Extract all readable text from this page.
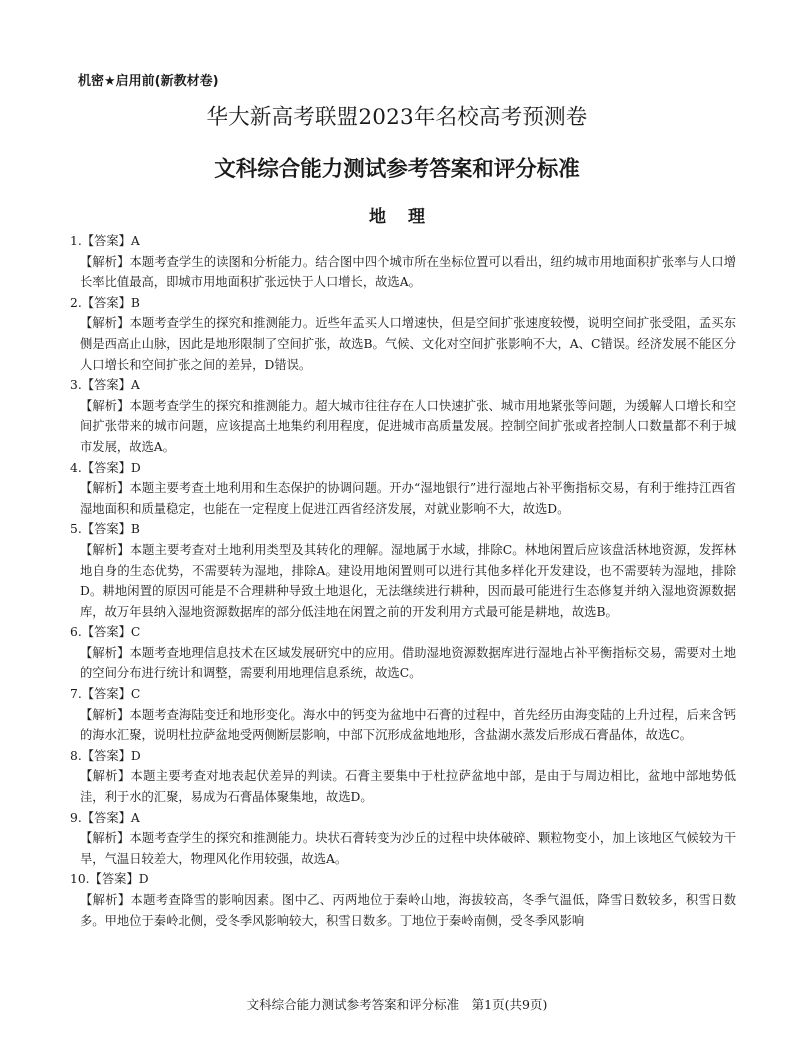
机密★启用前(新教材卷)
华大新高考联盟2023年名校高考预测卷
文科综合能力测试参考答案和评分标准
地理
1.【答案】A
【解析】本题考查学生的读图和分析能力。结合图中四个城市所在坐标位置可以看出，纽约城市用地面积扩张率与人口增长率比值最高，即城市用地面积扩张远快于人口增长，故选A。
2.【答案】B
【解析】本题考查学生的探究和推测能力。近些年孟买人口增速快，但是空间扩张速度较慢，说明空间扩张受阻，孟买东侧是西高止山脉，因此是地形限制了空间扩张，故选B。气候、文化对空间扩张影响不大，A、C错误。经济发展不能区分人口增长和空间扩张之间的差异，D错误。
3.【答案】A
【解析】本题考查学生的探究和推测能力。超大城市往往存在人口快速扩张、城市用地紧张等问题，为缓解人口增长和空间扩张带来的城市问题，应该提高土地集约利用程度，促进城市高质量发展。控制空间扩张或者控制人口数量都不利于城市发展，故选A。
4.【答案】D
【解析】本题主要考查土地利用和生态保护的协调问题。开办“湿地银行”进行湿地占补平衡指标交易，有利于维持江西省湿地面积和质量稳定，也能在一定程度上促进江西省经济发展，对就业影响不大，故选D。
5.【答案】B
【解析】本题主要考查对土地利用类型及其转化的理解。湿地属于水域，排除C。林地闲置后应该盘活林地资源，发挥林地自身的生态优势，不需要转为湿地，排除A。建设用地闲置则可以进行其他多样化开发建设，也不需要转为湿地，排除D。耕地闲置的原因可能是不合理耕种导致土地退化，无法继续进行耕种，因而最可能进行生态修复并纳入湿地资源数据库，故万年县纳入湿地资源数据库的部分低洼地在闲置之前的开发利用方式最可能是耕地，故选B。
6.【答案】C
【解析】本题考查地理信息技术在区域发展研究中的应用。借助湿地资源数据库进行湿地占补平衡指标交易，需要对土地的空间分布进行统计和调整，需要利用地理信息系统，故选C。
7.【答案】C
【解析】本题考查海陆变迁和地形变化。海水中的钙变为盆地中石膏的过程中，首先经历由海变陆的上升过程，后来含钙的海水汇聚，说明杜拉萨盆地受两侧断层影响，中部下沉形成盆地地形，含盐湖水蒸发后形成石膏晶体，故选C。
8.【答案】D
【解析】本题主要考查对地表起伏差异的判读。石膏主要集中于杜拉萨盆地中部，是由于与周边相比，盆地中部地势低洼，利于水的汇聚，易成为石膏晶体聚集地，故选D。
9.【答案】A
【解析】本题考查学生的探究和推测能力。块状石膏转变为沙丘的过程中块体破碎、颗粒物变小，加上该地区气候较为干旱，气温日较差大，物理风化作用较强，故选A。
10.【答案】D
【解析】本题考查降雪的影响因素。图中乙、丙两地位于秦岭山地，海拔较高，冬季气温低，降雪日数较多，积雪日数多。甲地位于秦岭北侧，受冬季风影响较大，积雪日数多。丁地位于秦岭南侧，受冬季风影响
文科综合能力测试参考答案和评分标准　第1页(共9页)
